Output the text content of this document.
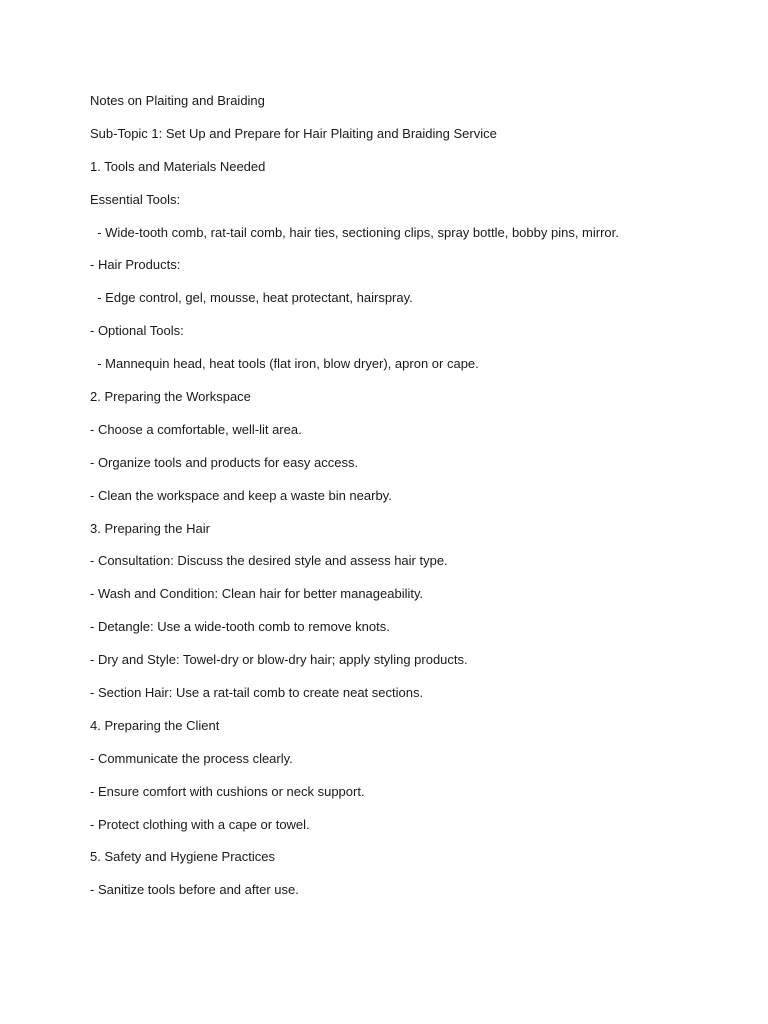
Notes on Plaiting and Braiding
Sub-Topic 1: Set Up and Prepare for Hair Plaiting and Braiding Service
1. Tools and Materials Needed
Essential Tools:
- Wide-tooth comb, rat-tail comb, hair ties, sectioning clips, spray bottle, bobby pins, mirror.
- Hair Products:
- Edge control, gel, mousse, heat protectant, hairspray.
- Optional Tools:
- Mannequin head, heat tools (flat iron, blow dryer), apron or cape.
2. Preparing the Workspace
- Choose a comfortable, well-lit area.
- Organize tools and products for easy access.
- Clean the workspace and keep a waste bin nearby.
3. Preparing the Hair
- Consultation: Discuss the desired style and assess hair type.
- Wash and Condition: Clean hair for better manageability.
- Detangle: Use a wide-tooth comb to remove knots.
- Dry and Style: Towel-dry or blow-dry hair; apply styling products.
- Section Hair: Use a rat-tail comb to create neat sections.
4. Preparing the Client
- Communicate the process clearly.
- Ensure comfort with cushions or neck support.
- Protect clothing with a cape or towel.
5. Safety and Hygiene Practices
- Sanitize tools before and after use.
